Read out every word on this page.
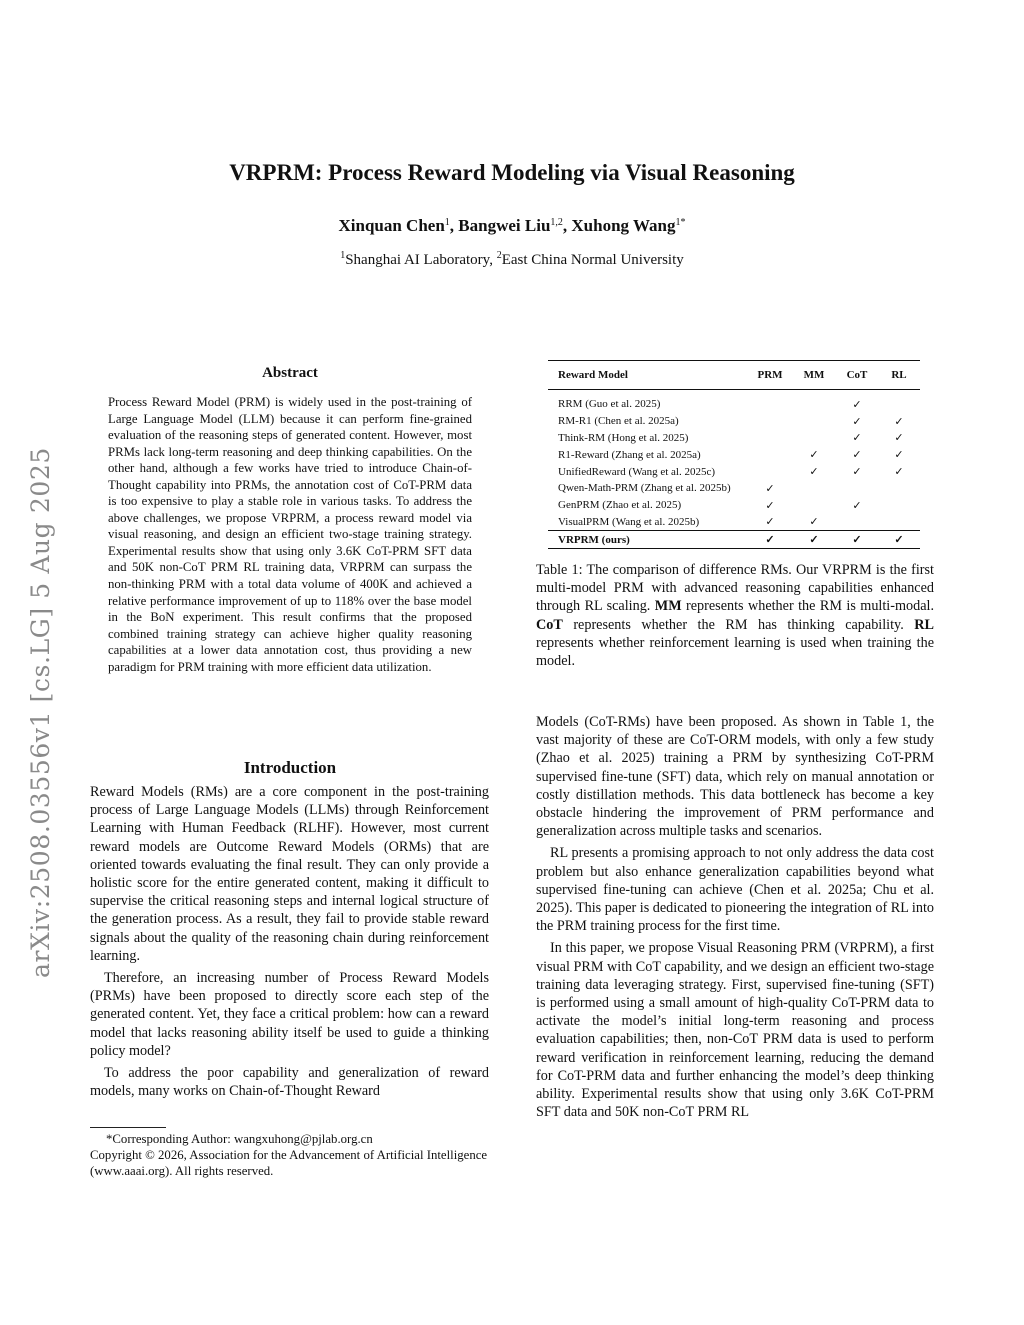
VRPRM: Process Reward Modeling via Visual Reasoning
Xinquan Chen$^1$, Bangwei Liu$^{1,2}$, Xuhong Wang$^{1*}$
$^1$Shanghai AI Laboratory, $^2$East China Normal University
arXiv:2508.03556v1 [cs.LG] 5 Aug 2025
Abstract

Process Reward Model (PRM) is widely used in the post-training of Large Language Model (LLM) because it can perform fine-grained evaluation of the reasoning steps of generated content. However, most PRMs lack long-term reasoning and deep thinking capabilities. On the other hand, although a few works have tried to introduce Chain-of-Thought capability into PRMs, the annotation cost of CoT-PRM data is too expensive to play a stable role in various tasks. To address the above challenges, we propose VRPRM, a process reward model via visual reasoning, and design an efficient two-stage training strategy. Experimental results show that using only 3.6K CoT-PRM SFT data and 50K non-CoT PRM RL training data, VRPRM can surpass the non-thinking PRM with a total data volume of 400K and achieved a relative performance improvement of up to 118% over the base model in the BoN experiment. This result confirms that the proposed combined training strategy can achieve higher quality reasoning capabilities at a lower data annotation cost, thus providing a new paradigm for PRM training with more efficient data utilization.

Introduction

Reward Models (RMs) are a core component in the post-training process of Large Language Models (LLMs) through Reinforcement Learning with Human Feedback (RLHF). However, most current reward models are Outcome Reward Models (ORMs) that are oriented towards evaluating the final result. They can only provide a holistic score for the entire generated content, making it difficult to supervise the critical reasoning steps and internal logical structure of the generation process. As a result, they fail to provide stable reward signals about the quality of the reasoning chain during reinforcement learning.

Therefore, an increasing number of Process Reward Models (PRMs) have been proposed to directly score each step of the generated content. Yet, they face a critical problem: how can a reward model that lacks reasoning ability itself be used to guide a thinking policy model?

To address the poor capability and generalization of reward models, many works on Chain-of-Thought Reward

*Corresponding Author: wangxuhong@pjlab.org.cn

Copyright © 2026, Association for the Advancement of Artificial Intelligence (www.aaai.org). All rights reserved.

Reward Model	PRM	MM	CoT	RL

RRM (Guo et al. 2025)			✓	
RM-R1 (Chen et al. 2025a)			✓	✓
Think-RM (Hong et al. 2025)			✓	✓
R1-Reward (Zhang et al. 2025a)		✓	✓	✓
UnifiedReward (Wang et al. 2025c)		✓	✓	✓
Qwen-Math-PRM (Zhang et al. 2025b)	✓			
GenPRM (Zhao et al. 2025)	✓		✓	
VisualPRM (Wang et al. 2025b)	✓	✓		
VRPRM (ours)	✓	✓	✓	✓

Table 1: The comparison of difference RMs. Our VRPRM is the first multi-model PRM with advanced reasoning capabilities enhanced through RL scaling. MM represents whether the RM is multi-modal. CoT represents whether the RM has thinking capability. RL represents whether reinforcement learning is used when training the model.

Models (CoT-RMs) have been proposed. As shown in Table 1, the vast majority of these are CoT-ORM models, with only a few study (Zhao et al. 2025) training a PRM by synthesizing CoT-PRM supervised fine-tune (SFT) data, which rely on manual annotation or costly distillation methods. This data bottleneck has become a key obstacle hindering the improvement of PRM performance and generalization across multiple tasks and scenarios.

RL presents a promising approach to not only address the data cost problem but also enhance generalization capabilities beyond what supervised fine-tuning can achieve (Chen et al. 2025a; Chu et al. 2025). This paper is dedicated to pioneering the integration of RL into the PRM training process for the first time.

In this paper, we propose Visual Reasoning PRM (VRPRM), a first visual PRM with CoT capability, and we design an efficient two-stage training data leveraging strategy. First, supervised fine-tuning (SFT) is performed using a small amount of high-quality CoT-PRM data to activate the model’s initial long-term reasoning and process evaluation capabilities; then, non-CoT PRM data is used to perform reward verification in reinforcement learning, reducing the demand for CoT-PRM data and further enhancing the model’s deep thinking ability. Experimental results show that using only 3.6K CoT-PRM SFT data and 50K non-CoT PRM RL
